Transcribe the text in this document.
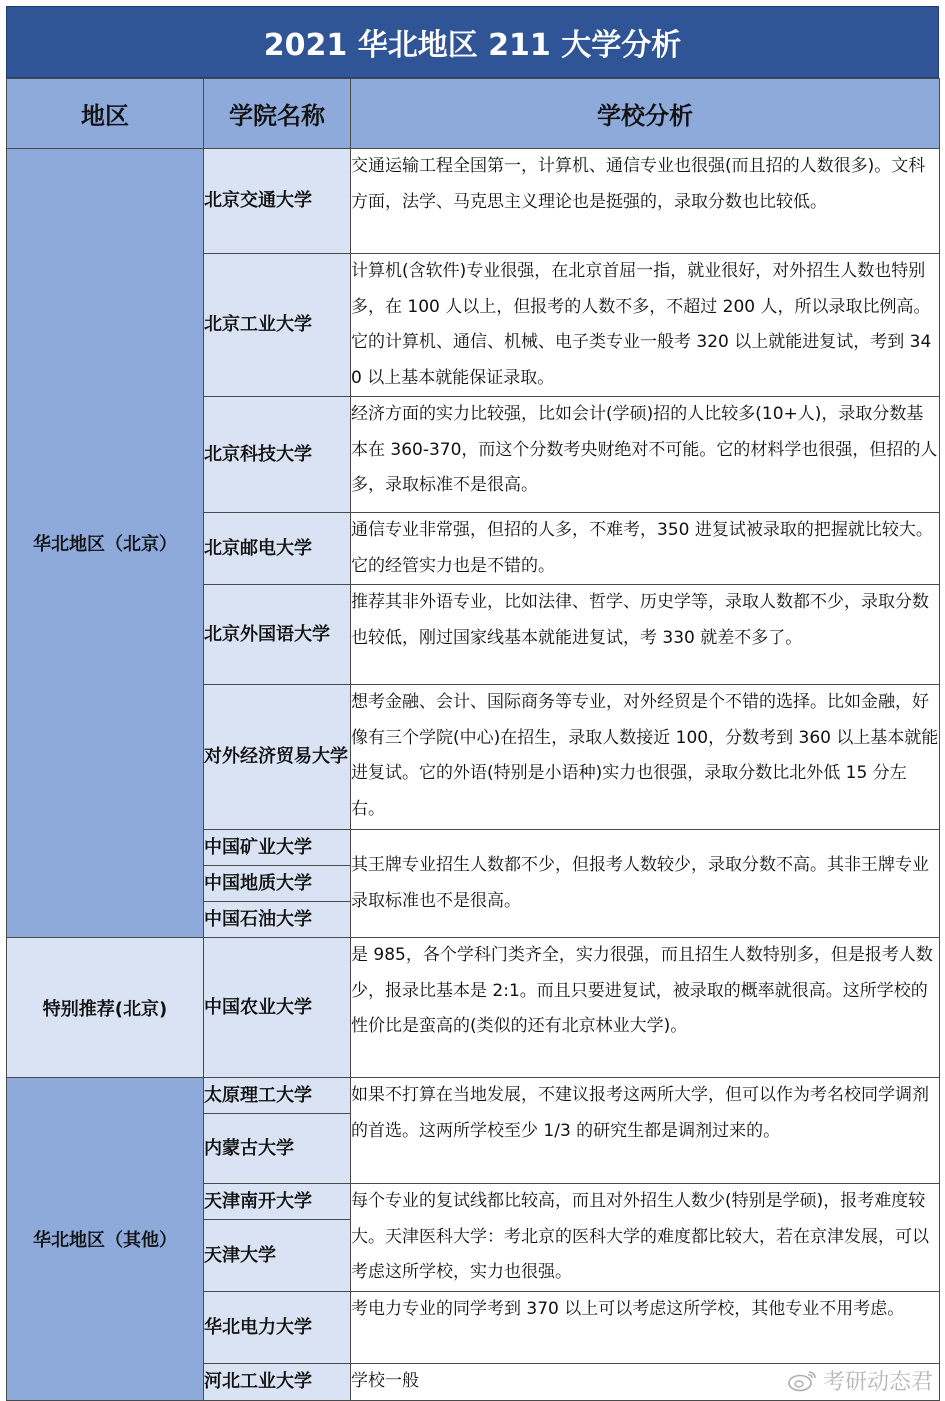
2021 华北地区 211 大学分析
地区	学院名称	学校分析
华北地区（北京）	北京交通大学	交通运输工程全国第一，计算机、通信专业也很强(而且招的人数很多)。文科方面，法学、马克思主义理论也是挺强的，录取分数也比较低。
	北京工业大学	计算机(含软件)专业很强，在北京首屈一指，就业很好，对外招生人数也特别多，在 100 人以上，但报考的人数不多，不超过 200 人，所以录取比例高。它的计算机、通信、机械、电子类专业一般考 320 以上就能进复试，考到 340 以上基本就能保证录取。
	北京科技大学	经济方面的实力比较强，比如会计(学硕)招的人比较多(10+人)，录取分数基本在 360-370，而这个分数考央财绝对不可能。它的材料学也很强，但招的人多，录取标准不是很高。
	北京邮电大学	通信专业非常强，但招的人多，不难考，350 进复试被录取的把握就比较大。它的经管实力也是不错的。
	北京外国语大学	推荐其非外语专业，比如法律、哲学、历史学等，录取人数都不少，录取分数也较低，刚过国家线基本就能进复试，考 330 就差不多了。
	对外经济贸易大学	想考金融、会计、国际商务等专业，对外经贸是个不错的选择。比如金融，好像有三个学院(中心)在招生，录取人数接近 100，分数考到 360 以上基本就能进复试。它的外语(特别是小语种)实力也很强，录取分数比北外低 15 分左右。
	中国矿业大学	其王牌专业招生人数都不少，但报考人数较少，录取分数不高。其非王牌专业录取标准也不是很高。
	中国地质大学	
	中国石油大学	
特别推荐(北京)	中国农业大学	是 985，各个学科门类齐全，实力很强，而且招生人数特别多，但是报考人数少，报录比基本是 2:1。而且只要进复试，被录取的概率就很高。这所学校的性价比是蛮高的(类似的还有北京林业大学)。
华北地区（其他）	太原理工大学	如果不打算在当地发展，不建议报考这两所大学，但可以作为考名校同学调剂的首选。这两所学校至少 1/3 的研究生都是调剂过来的。
	内蒙古大学	
	天津南开大学	每个专业的复试线都比较高，而且对外招生人数少(特别是学硕)，报考难度较大。天津医科大学：考北京的医科大学的难度都比较大，若在京津发展，可以考虑这所学校，实力也很强。
	天津大学	
	华北电力大学	考电力专业的同学考到 370 以上可以考虑这所学校，其他专业不用考虑。
	河北工业大学	学校一般	考研动态君
